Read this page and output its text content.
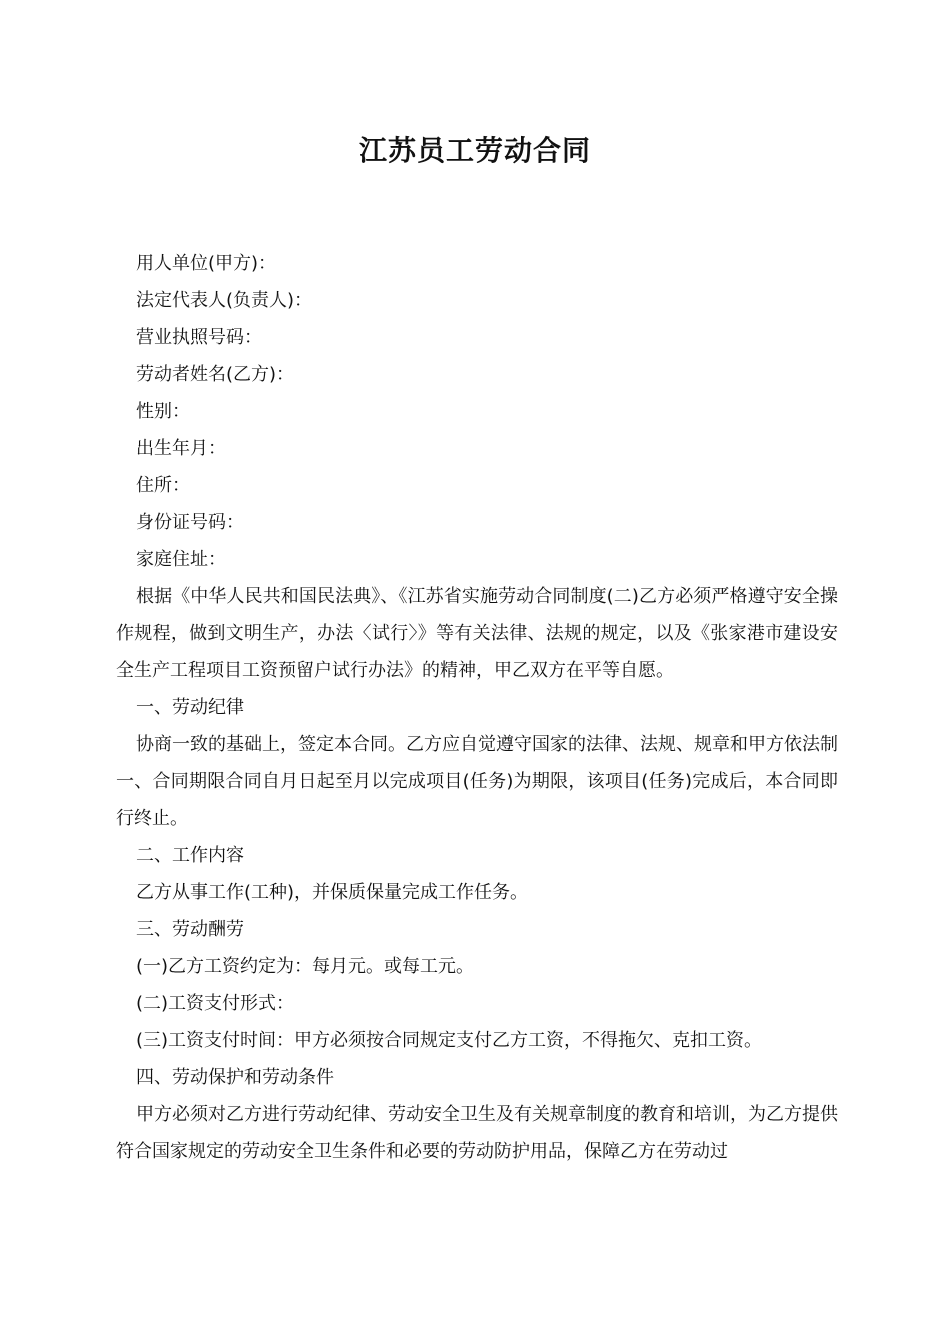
江苏员工劳动合同

用人单位(甲方)：

法定代表人(负责人)：

营业执照号码：

劳动者姓名(乙方)：

性别：

出生年月：

住所：

身份证号码：

家庭住址：

根据《中华人民共和国民法典》、《江苏省实施劳动合同制度(二)乙方必须严格遵守安全操作规程，做到文明生产，办法〈试行〉》等有关法律、法规的规定，以及《张家港市建设安全生产工程项目工资预留户试行办法》的精神，甲乙双方在平等自愿。

一、劳动纪律

协商一致的基础上，签定本合同。乙方应自觉遵守国家的法律、法规、规章和甲方依法制一、合同期限合同自月日起至月以完成项目(任务)为期限，该项目(任务)完成后，本合同即行终止。

二、工作内容

乙方从事工作(工种)，并保质保量完成工作任务。

三、劳动酬劳

(一)乙方工资约定为：每月元。或每工元。

(二)工资支付形式：

(三)工资支付时间：甲方必须按合同规定支付乙方工资，不得拖欠、克扣工资。

四、劳动保护和劳动条件

甲方必须对乙方进行劳动纪律、劳动安全卫生及有关规章制度的教育和培训，为乙方提供符合国家规定的劳动安全卫生条件和必要的劳动防护用品，保障乙方在劳动过
